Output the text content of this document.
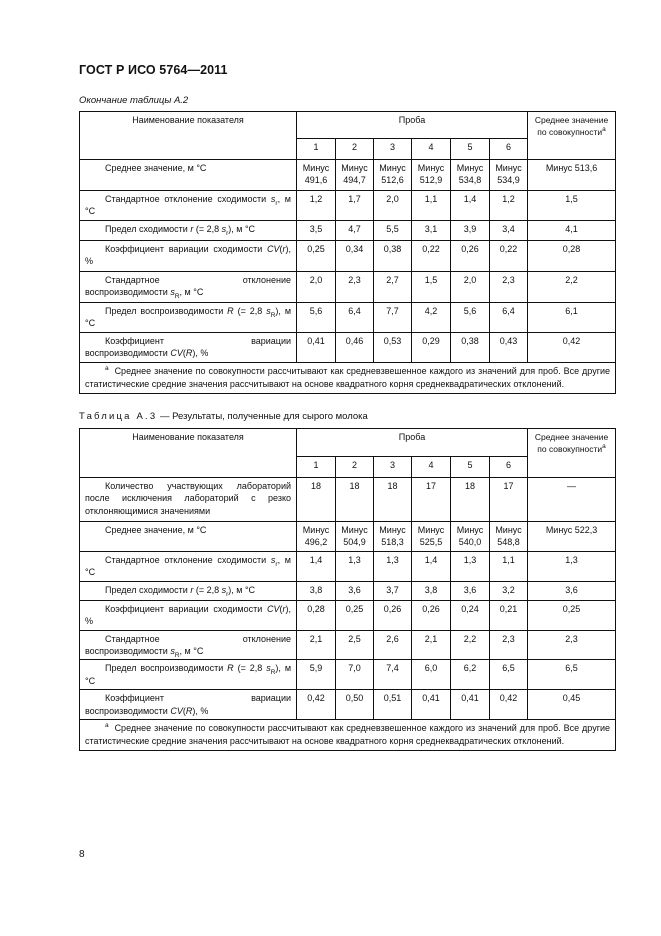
ГОСТ Р ИСО 5764—2011
Окончание таблицы А.2
Наименование показателя	Проба						Среднее значение по совокупности$^а$
	1	2	3	4	5	6	
Среднее значение, м °С	Минус 491,6	Минус 494,7	Минус 512,6	Минус 512,9	Минус 534,8	Минус 534,9	Минус 513,6
Стандартное отклонение сходимости $s_r$, м °С	1,2	1,7	2,0	1,1	1,4	1,2	1,5
Предел сходимости r (= 2,8 $s_r$), м °С	3,5	4,7	5,5	3,1	3,9	3,4	4,1
Коэффициент вариации сходимости CV(r), %	0,25	0,34	0,38	0,22	0,26	0,22	0,28
Стандартное отклонение воспроизводимости $s_R$, м °С	2,0	2,3	2,7	1,5	2,0	2,3	2,2
Предел воспроизводимости R (= 2,8 $s_R$), м °С	5,6	6,4	7,7	4,2	5,6	6,4	6,1
Коэффициент вариации воспроизводимости CV(R), %	0,41	0,46	0,53	0,29	0,38	0,43	0,42
$^а$ Среднее значение по совокупности рассчитывают как средневзвешенное каждого из значений для проб. Все другие статистические средние значения рассчитывают на основе квадратного корня среднеквадратических отклонений.							
Таблица А.3 — Результаты, полученные для сырого молока
Наименование показателя	Проба						Среднее значение по совокупности$^а$
	1	2	3	4	5	6	
Количество участвующих лабораторий после исключения лабораторий с резко отклоняющимися значениями	18	18	18	17	18	17	—
Среднее значение, м °С	Минус 496,2	Минус 504,9	Минус 518,3	Минус 525,5	Минус 540,0	Минус 548,8	Минус 522,3
Стандартное отклонение сходимости $s_r$, м °С	1,4	1,3	1,3	1,4	1,3	1,1	1,3
Предел сходимости r (= 2,8 $s_r$), м °С	3,8	3,6	3,7	3,8	3,6	3,2	3,6
Коэффициент вариации сходимости CV(r), %	0,28	0,25	0,26	0,26	0,24	0,21	0,25
Стандартное отклонение воспроизводимости $s_R$, м °С	2,1	2,5	2,6	2,1	2,2	2,3	2,3
Предел воспроизводимости R (= 2,8 $s_R$), м °С	5,9	7,0	7,4	6,0	6,2	6,5	6,5
Коэффициент вариации воспроизводимости CV(R), %	0,42	0,50	0,51	0,41	0,41	0,42	0,45
$^а$ Среднее значение по совокупности рассчитывают как средневзвешенное каждого из значений для проб. Все другие статистические средние значения рассчитывают на основе квадратного корня среднеквадратических отклонений.							
8
